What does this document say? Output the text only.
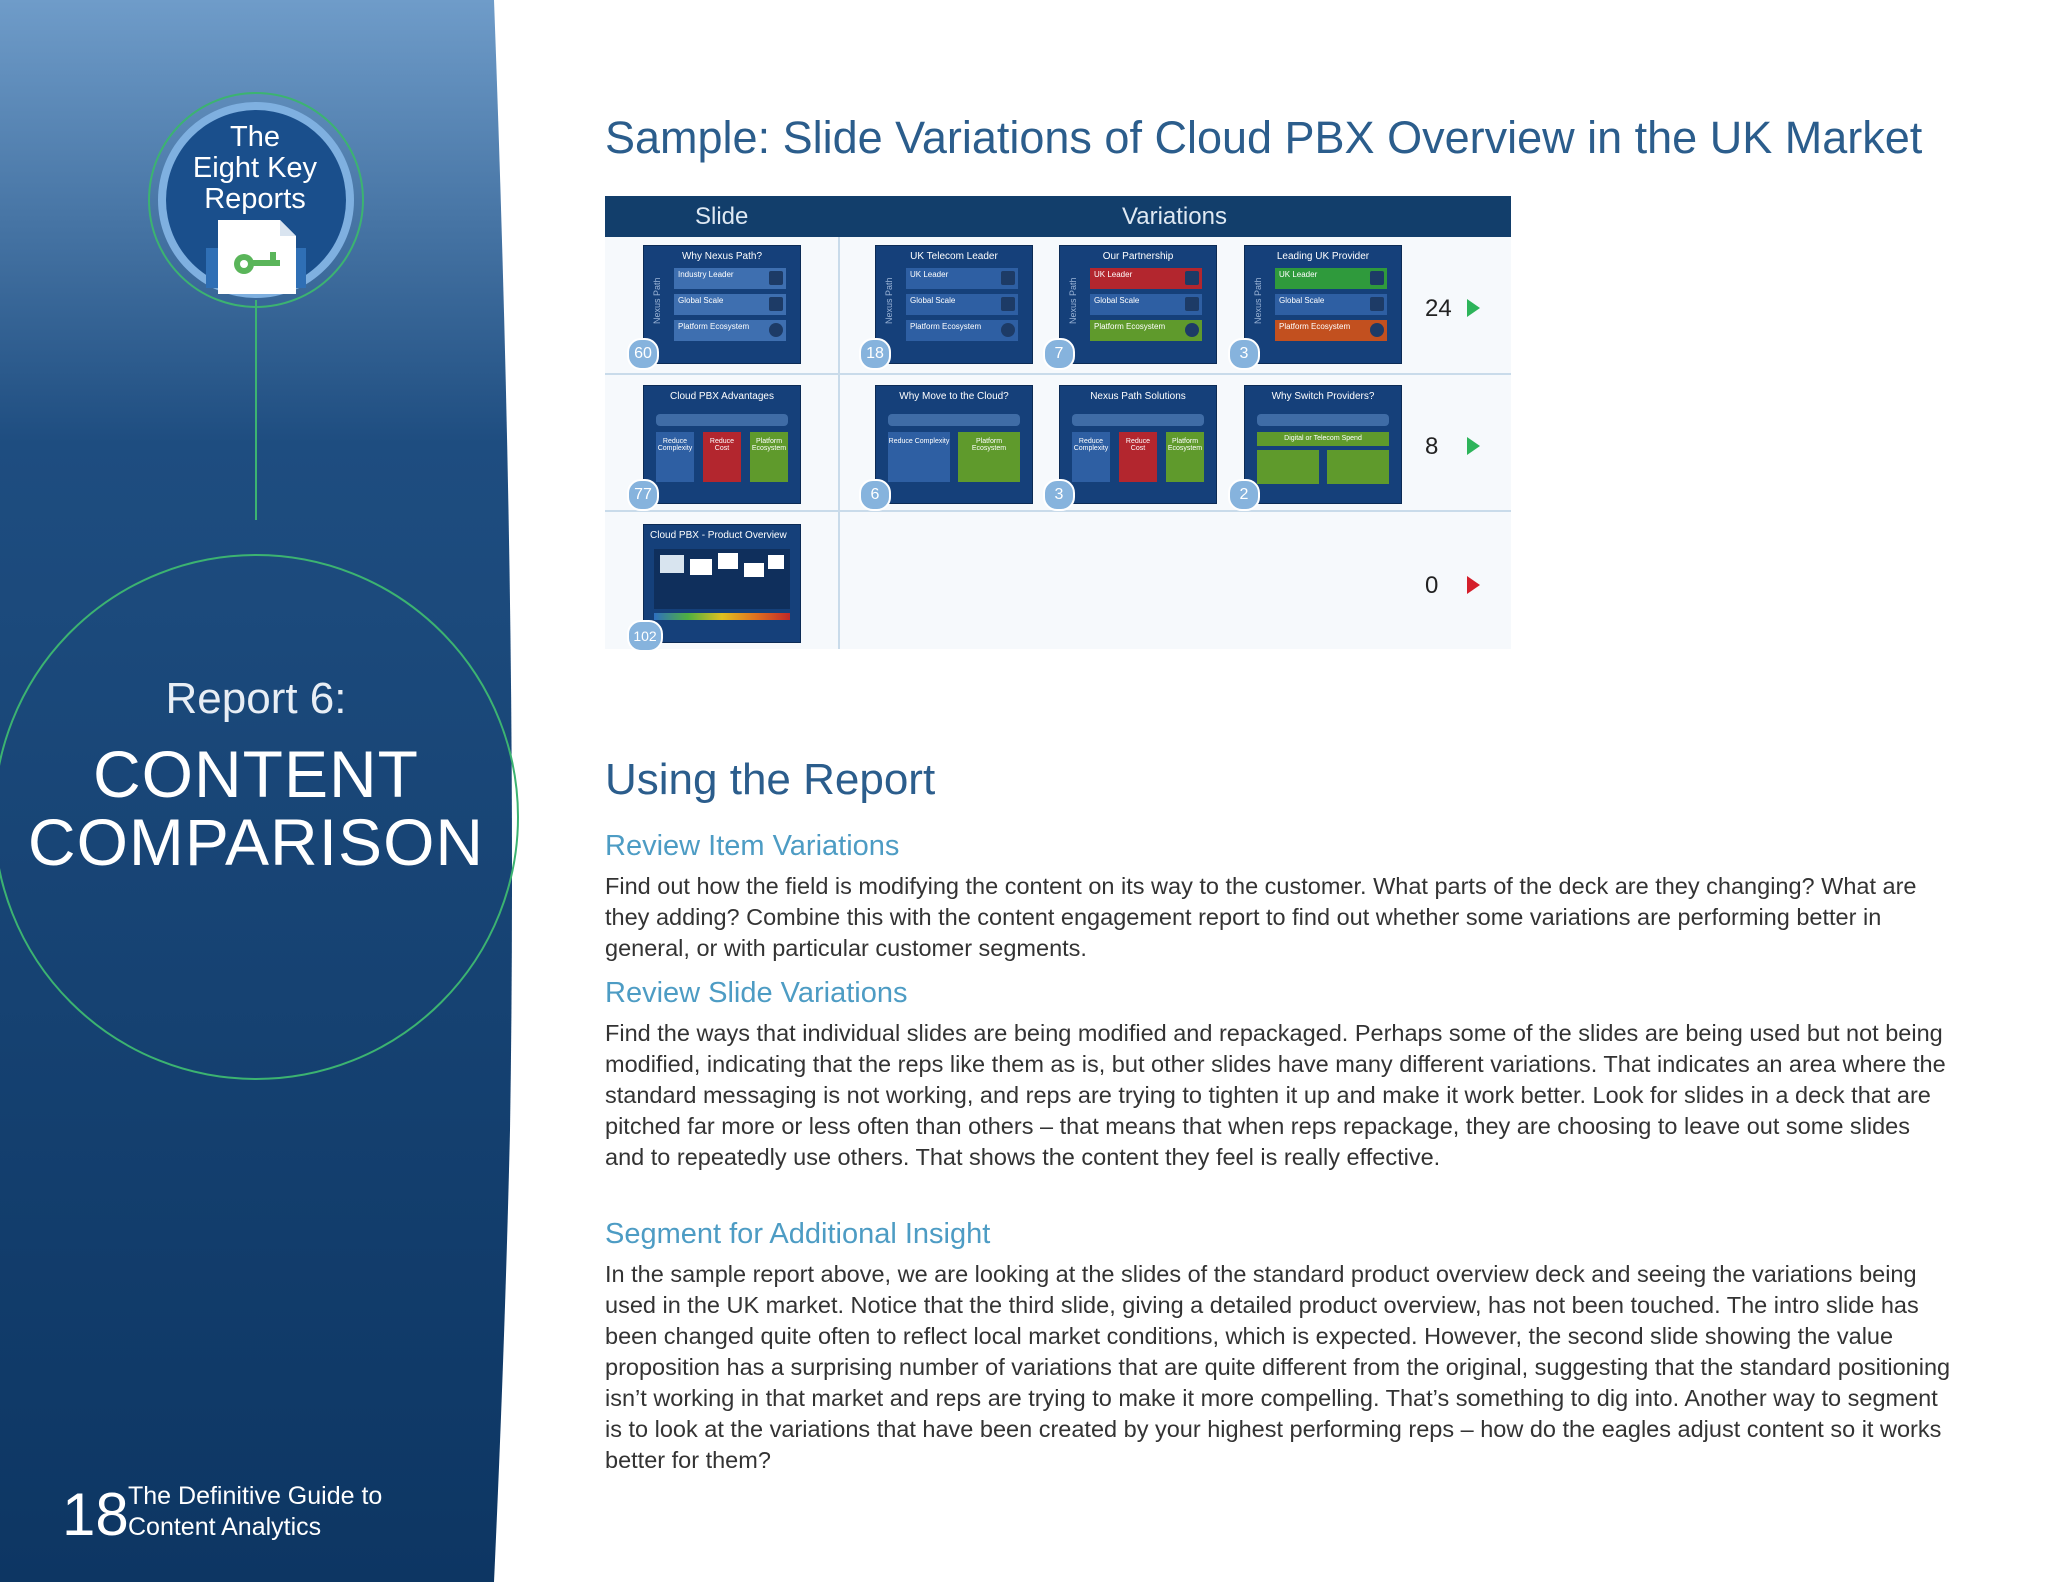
The
Eight Key
Reports
Report 6:
CONTENT
COMPARISON
18 The Definitive Guide to
Content Analytics
Sample: Slide Variations of Cloud PBX Overview in the UK Market
Slide	Variations
Why Nexus Path?
Nexus Path
Industry Leader
Global Scale
Platform Ecosystem
60
UK Telecom Leader
Nexus Path
UK Leader
Global Scale
Platform Ecosystem
18
Our Partnership
Nexus Path
UK Leader
Global Scale
Platform Ecosystem
7
Leading UK Provider
Nexus Path
UK Leader
Global Scale
Platform Ecosystem
3
24
Cloud PBX Advantages
Reduce Complexity
Reduce Cost
Platform Ecosystem
77
Why Move to the Cloud?
Reduce Complexity	Platform Ecosystem
6
Nexus Path Solutions
Reduce Complexity
Reduce Cost
Platform Ecosystem
3
Why Switch Providers?
Digital or Telecom Spend
2
8
Cloud PBX - Product Overview
102
0
Using the Report
Review Item Variations
Find out how the field is modifying the content on its way to the customer. What parts of the deck are they changing? What are they adding? Combine this with the content engagement report to find out whether some variations are performing better in general, or with particular customer segments.
Review Slide Variations
Find the ways that individual slides are being modified and repackaged. Perhaps some of the slides are being used but not being modified, indicating that the reps like them as is, but other slides have many different variations. That indicates an area where the standard messaging is not working, and reps are trying to tighten it up and make it work better. Look for slides in a deck that are pitched far more or less often than others – that means that when reps repackage, they are choosing to leave out some slides and to repeatedly use others. That shows the content they feel is really effective.
Segment for Additional Insight
In the sample report above, we are looking at the slides of the standard product overview deck and seeing the variations being used in the UK market. Notice that the third slide, giving a detailed product overview, has not been touched. The intro slide has been changed quite often to reflect local market conditions, which is expected. However, the second slide showing the value proposition has a surprising number of variations that are quite different from the original, suggesting that the standard positioning isn’t working in that market and reps are trying to make it more compelling. That’s something to dig into. Another way to segment is to look at the variations that have been created by your highest performing reps – how do the eagles adjust content so it works better for them?
